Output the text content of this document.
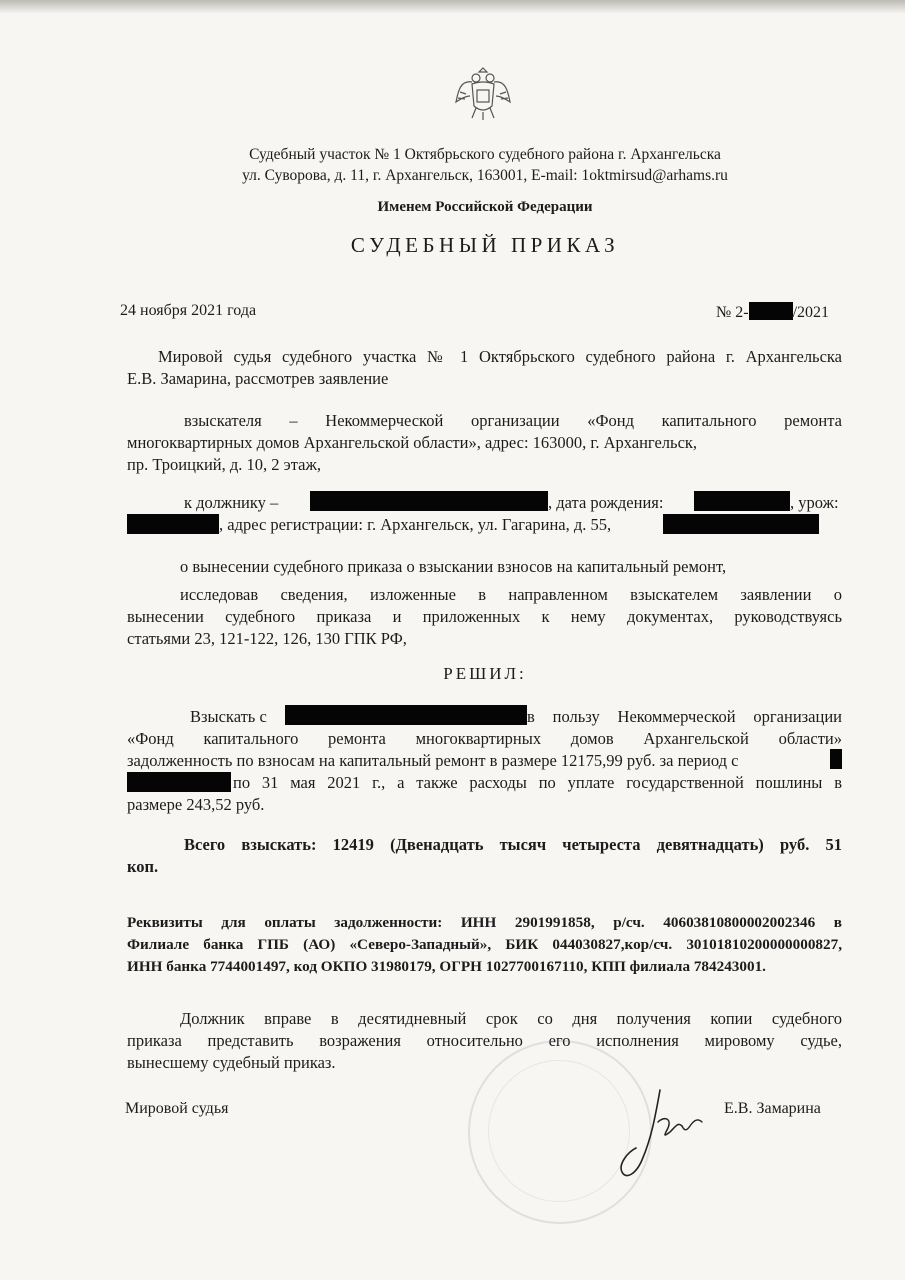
Судебный участок № 1 Октябрьского судебного района г. Архангельска
ул. Суворова, д. 11, г. Архангельск, 163001, E-mail: 1oktmirsud@arhams.ru
Именем Российской Федерации
СУДЕБНЫЙ ПРИКАЗ
24 ноября 2021 года	№ 2-	/2021
Мировой судья судебного участка № 1 Октябрьского судебного района г. Архангельска
Е.В. Замарина, рассмотрев заявление
взыскателя – Некоммерческой организации «Фонд капитального ремонта
многоквартирных домов Архангельской области», адрес: 163000, г. Архангельск,
пр. Троицкий, д. 10, 2 этаж,
к должнику –	, дата рождения:	, урож:
, адрес регистрации: г. Архангельск, ул. Гагарина, д. 55,
о вынесении судебного приказа о взыскании взносов на капитальный ремонт,
исследовав сведения, изложенные в направленном взыскателем заявлении о
вынесении судебного приказа и приложенных к нему документах, руководствуясь
статьями 23, 121-122, 126, 130 ГПК РФ,
РЕШИЛ:
Взыскать с	в пользу Некоммерческой организации
«Фонд капитального ремонта многоквартирных домов Архангельской области»
задолженность по взносам на капитальный ремонт в размере 12175,99 руб. за период с
по 31 мая 2021 г., а также расходы по уплате государственной пошлины в
размере 243,52 руб.
Всего взыскать: 12419 (Двенадцать тысяч четыреста девятнадцать) руб. 51
коп.
Реквизиты для оплаты задолженности: ИНН 2901991858, р/сч. 40603810800002002346 в
Филиале банка ГПБ (АО) «Северо-Западный», БИК 044030827,кор/сч. 30101810200000000827,
ИНН банка 7744001497, код ОКПО 31980179, ОГРН 1027700167110, КПП филиала 784243001.
Должник вправе в десятидневный срок со дня получения копии судебного
приказа представить возражения относительно его исполнения мировому судье,
вынесшему судебный приказ.
Мировой судья	Е.В. Замарина
